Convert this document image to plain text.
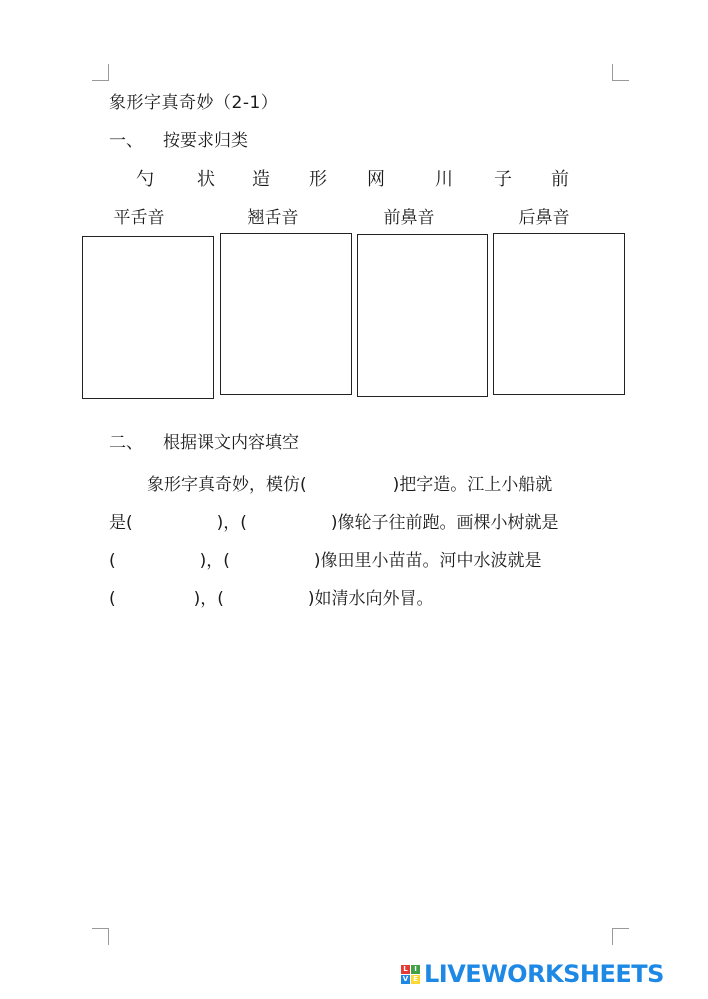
象形字真奇妙（2-1）
一、 按要求归类
勺 状 造 形 网	川 子 前
平舌音	翘舌音	前鼻音	后鼻音
二、 根据课文内容填空
象形字真奇妙，模仿(	)把字造。江上小船就
是(	)，(	)像轮子往前跑。画棵小树就是
(	)，(	)像田里小苗苗。河中水波就是
(	)，(	)如清水向外冒。
L I
V E LIVEWORKSHEETS
